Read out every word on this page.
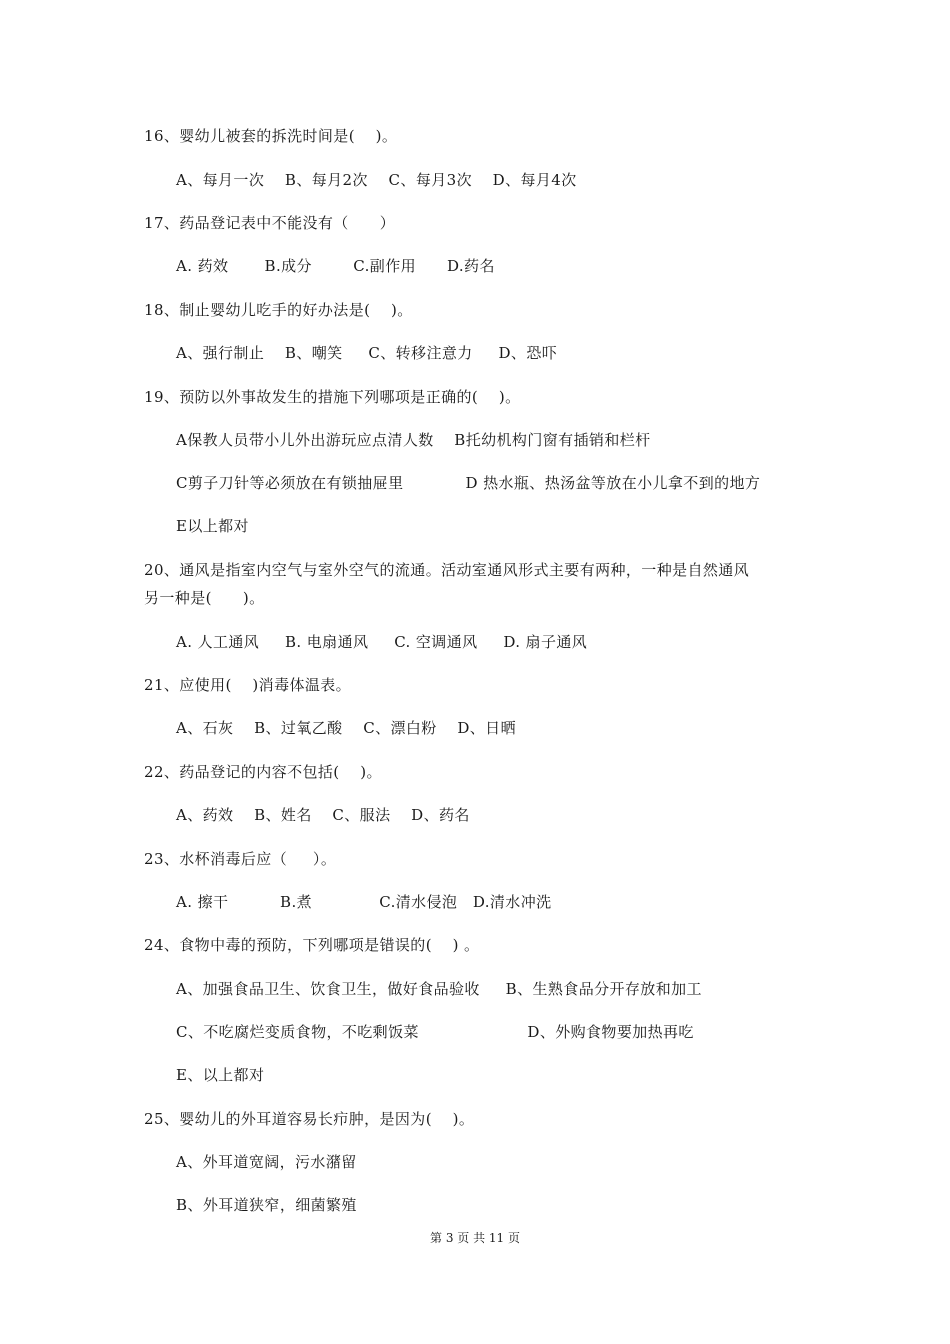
16、婴幼儿被套的拆洗时间是(    )。
A、每月一次    B、每月2次    C、每月3次    D、每月4次
17、药品登记表中不能没有（      ）
A. 药效       B.成分        C.副作用      D.药名
18、制止婴幼儿吃手的好办法是(    )。
A、强行制止    B、嘲笑     C、转移注意力     D、恐吓
19、预防以外事故发生的措施下列哪项是正确的(    )。
A保教人员带小儿外出游玩应点清人数    B托幼机构门窗有插销和栏杆
C剪子刀针等必须放在有锁抽屉里            D 热水瓶、热汤盆等放在小儿拿不到的地方
E以上都对
20、通风是指室内空气与室外空气的流通。活动室通风形式主要有两种，一种是自然通风
另一种是(      )。
A. 人工通风     B. 电扇通风     C. 空调通风     D. 扇子通风
21、应使用(    )消毒体温表。
A、石灰    B、过氧乙酸    C、漂白粉    D、日晒
22、药品登记的内容不包括(    )。
A、药效    B、姓名    C、服法    D、药名
23、水杯消毒后应（     ）。
A. 擦干          B.煮             C.清水侵泡   D.清水冲洗
24、食物中毒的预防，下列哪项是错误的(    ) 。
A、加强食品卫生、饮食卫生，做好食品验收     B、生熟食品分开存放和加工
C、不吃腐烂变质食物，不吃剩饭菜                     D、外购食物要加热再吃
E、以上都对
25、婴幼儿的外耳道容易长疖肿，是因为(    )。
A、外耳道宽阔，污水潴留
B、外耳道狭窄，细菌繁殖
第 3 页 共 11 页
